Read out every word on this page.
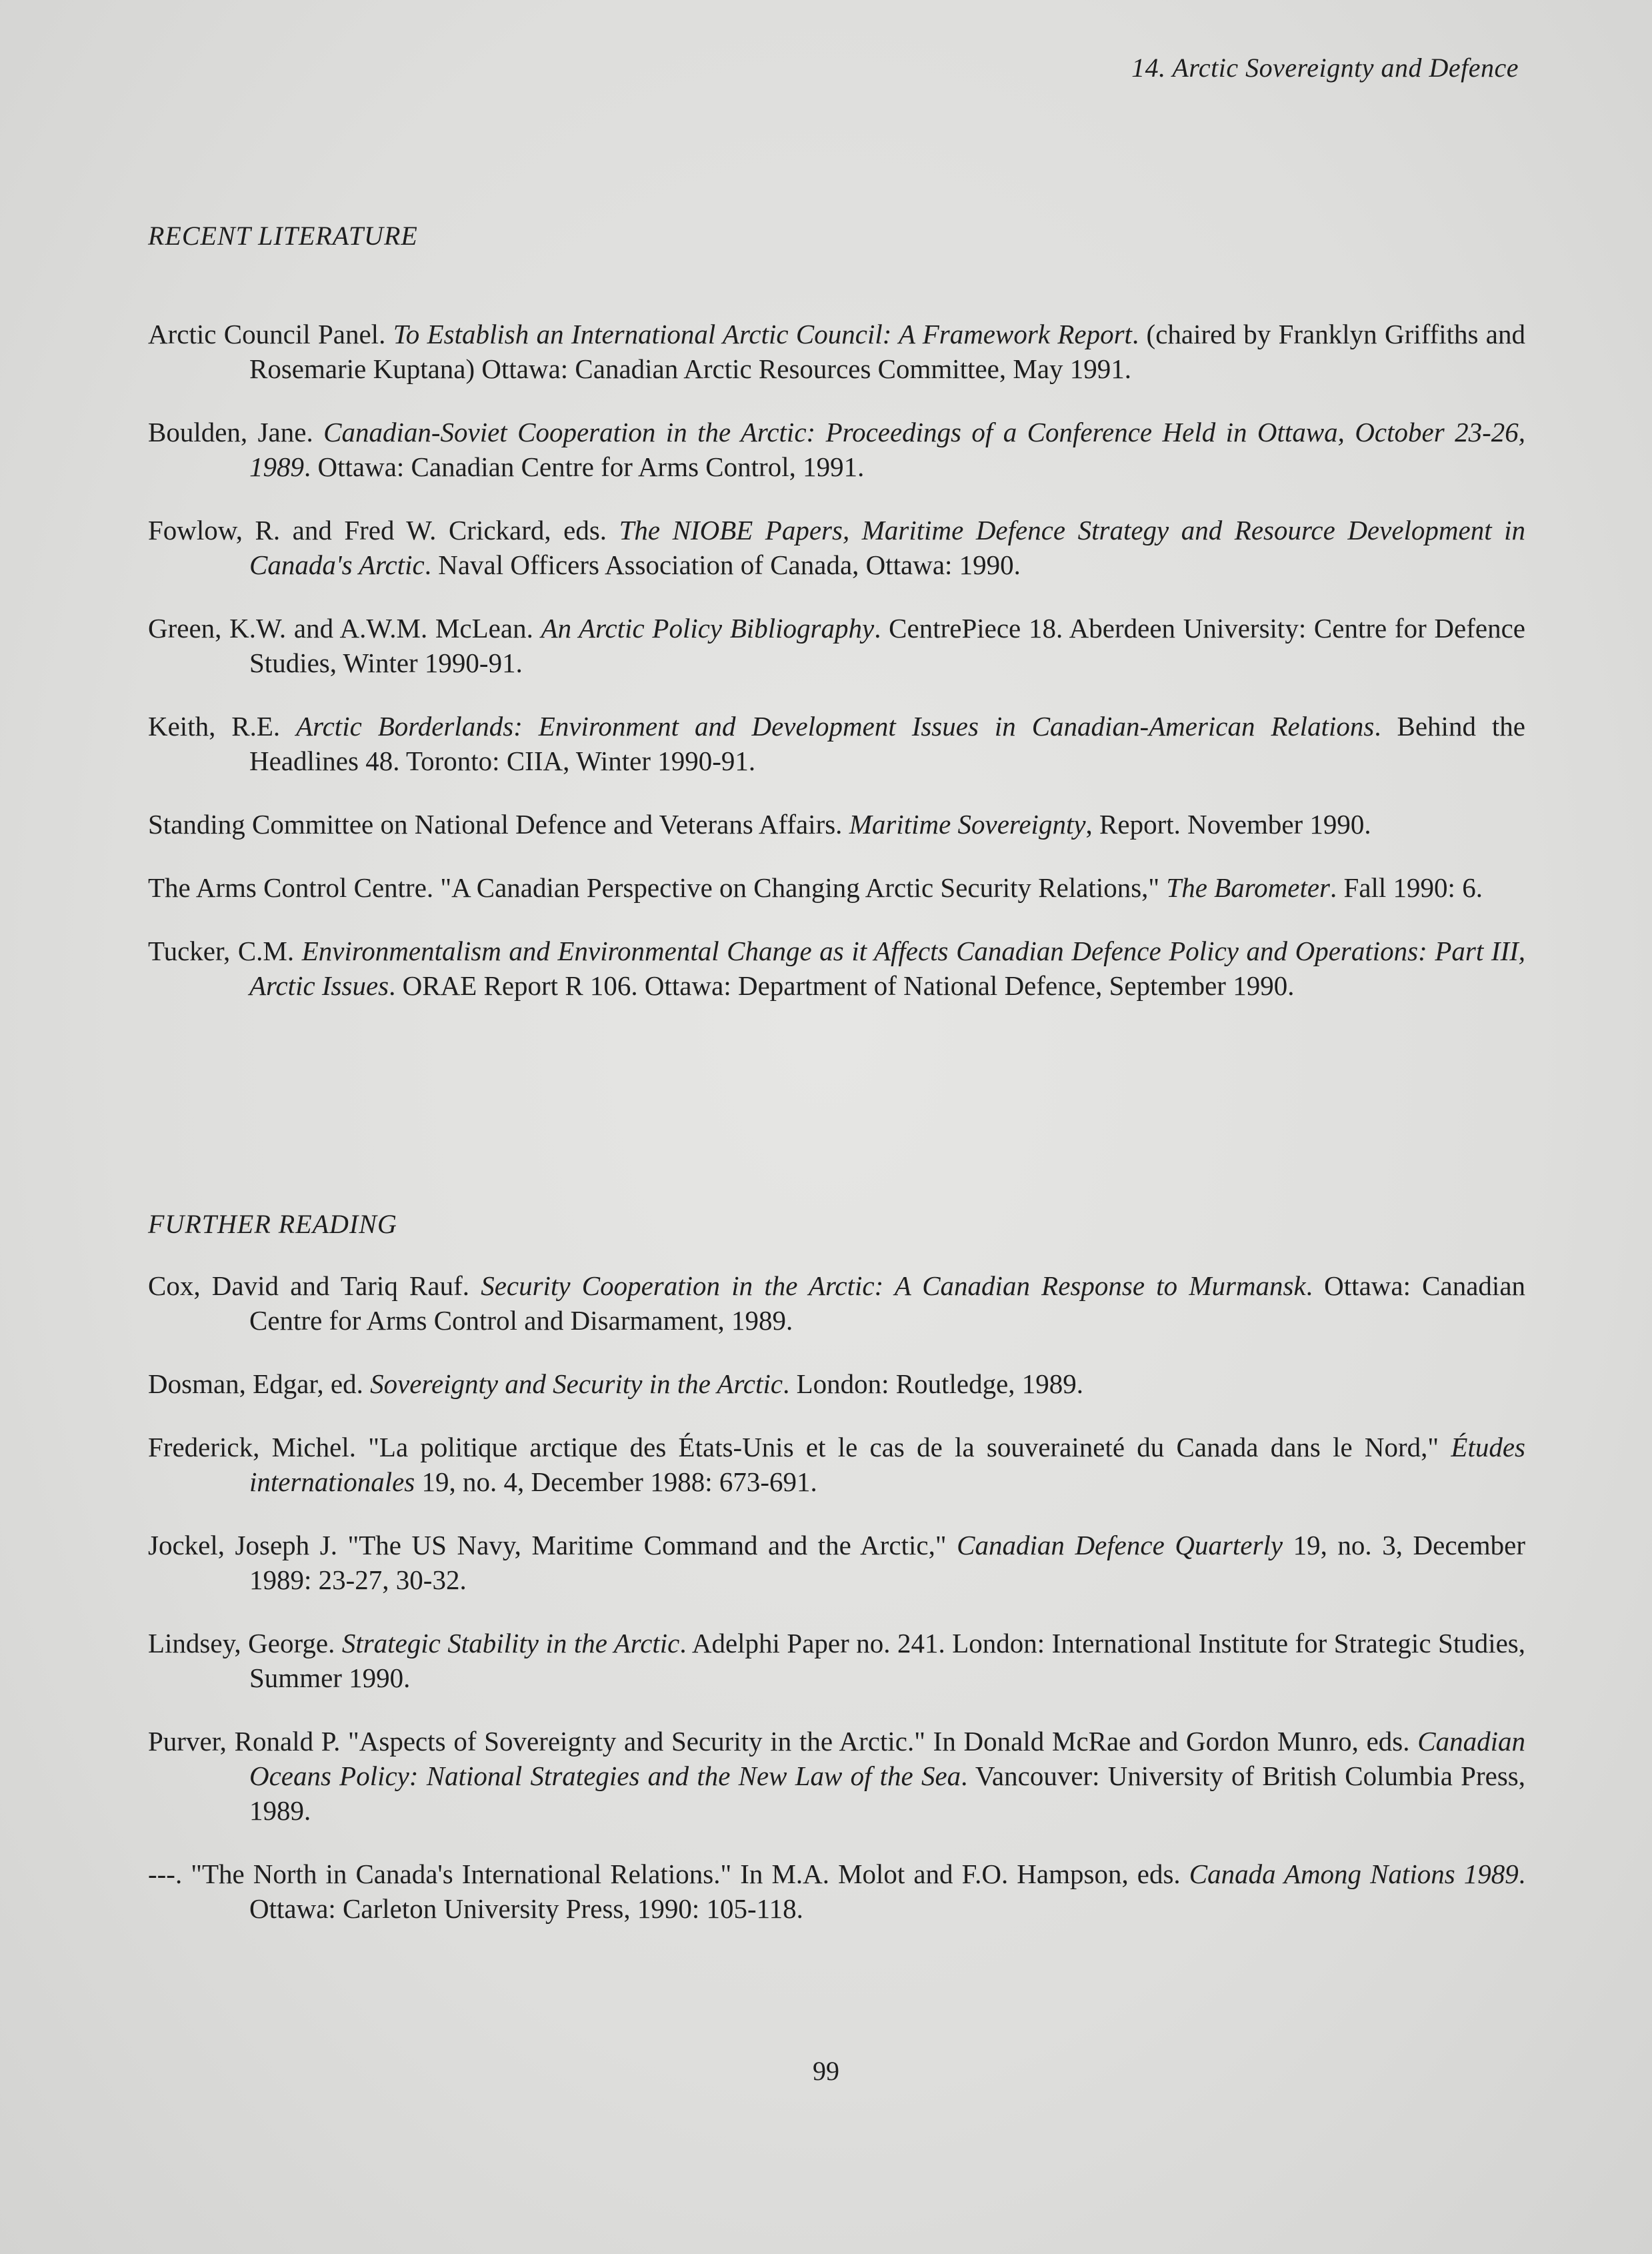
14. Arctic Sovereignty and Defence
RECENT LITERATURE
Arctic Council Panel. To Establish an International Arctic Council: A Framework Report. (chaired by Franklyn Griffiths and Rosemarie Kuptana) Ottawa: Canadian Arctic Resources Committee, May 1991.
Boulden, Jane. Canadian-Soviet Cooperation in the Arctic: Proceedings of a Conference Held in Ottawa, October 23-26, 1989. Ottawa: Canadian Centre for Arms Control, 1991.
Fowlow, R. and Fred W. Crickard, eds. The NIOBE Papers, Maritime Defence Strategy and Resource Development in Canada's Arctic. Naval Officers Association of Canada, Ottawa: 1990.
Green, K.W. and A.W.M. McLean. An Arctic Policy Bibliography. CentrePiece 18. Aberdeen University: Centre for Defence Studies, Winter 1990-91.
Keith, R.E. Arctic Borderlands: Environment and Development Issues in Canadian-American Relations. Behind the Headlines 48. Toronto: CIIA, Winter 1990-91.
Standing Committee on National Defence and Veterans Affairs. Maritime Sovereignty, Report. November 1990.
The Arms Control Centre. "A Canadian Perspective on Changing Arctic Security Relations," The Barometer. Fall 1990: 6.
Tucker, C.M. Environmentalism and Environmental Change as it Affects Canadian Defence Policy and Operations: Part III, Arctic Issues. ORAE Report R 106. Ottawa: Department of National Defence, September 1990.
FURTHER READING
Cox, David and Tariq Rauf. Security Cooperation in the Arctic: A Canadian Response to Murmansk. Ottawa: Canadian Centre for Arms Control and Disarmament, 1989.
Dosman, Edgar, ed. Sovereignty and Security in the Arctic. London: Routledge, 1989.
Frederick, Michel. "La politique arctique des États-Unis et le cas de la souveraineté du Canada dans le Nord," Études internationales 19, no. 4, December 1988: 673-691.
Jockel, Joseph J. "The US Navy, Maritime Command and the Arctic," Canadian Defence Quarterly 19, no. 3, December 1989: 23-27, 30-32.
Lindsey, George. Strategic Stability in the Arctic. Adelphi Paper no. 241. London: International Institute for Strategic Studies, Summer 1990.
Purver, Ronald P. "Aspects of Sovereignty and Security in the Arctic." In Donald McRae and Gordon Munro, eds. Canadian Oceans Policy: National Strategies and the New Law of the Sea. Vancouver: University of British Columbia Press, 1989.
---. "The North in Canada's International Relations." In M.A. Molot and F.O. Hampson, eds. Canada Among Nations 1989. Ottawa: Carleton University Press, 1990: 105-118.
99
